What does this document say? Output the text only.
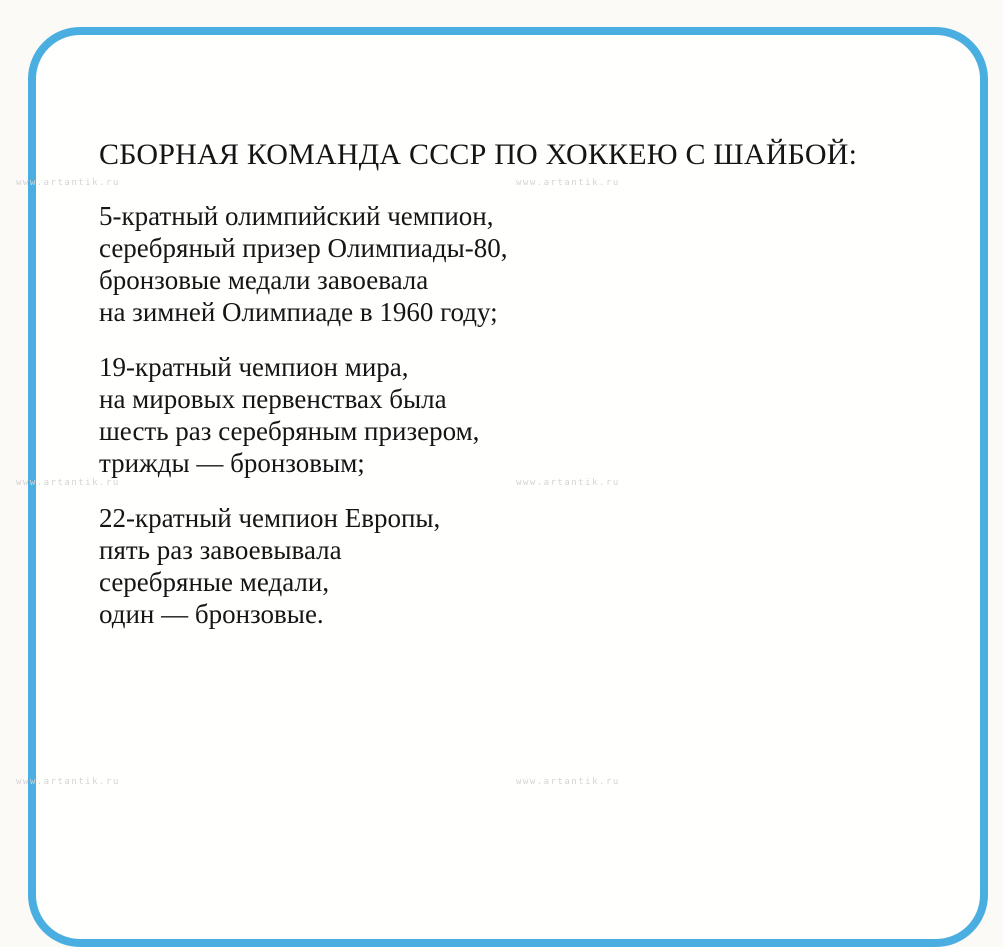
www.artantik.ru	www.artantik.ru
www.artantik.ru	www.artantik.ru
www.artantik.ru	www.artantik.ru
СБОРНАЯ КОМАНДА СССР ПО ХОККЕЮ С ШАЙБОЙ:
5-кратный олимпийский чемпион,
серебряный призер Олимпиады-80,
бронзовые медали завоевала
на зимней Олимпиаде в 1960 году;
19-кратный чемпион мира,
на мировых первенствах была
шесть раз серебряным призером,
трижды — бронзовым;
22-кратный чемпион Европы,
пять раз завоевывала
серебряные медали,
один — бронзовые.
